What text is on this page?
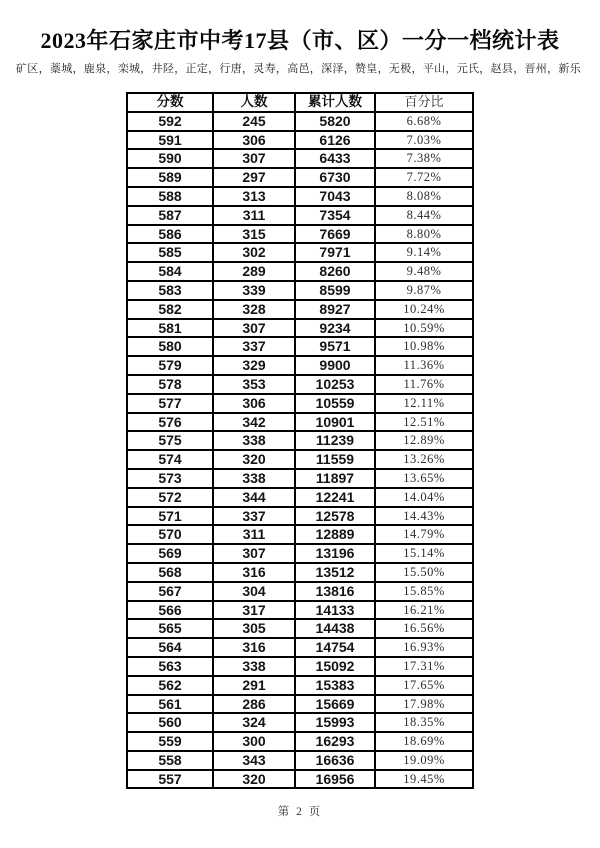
2023年石家庄市中考17县（市、区）一分一档统计表
矿区，藁城，鹿泉，栾城，井陉，正定，行唐，灵寿，高邑，深泽，赞皇，无极，平山，元氏，赵县，晋州，新乐
分数	人数	累计人数	百分比
592	245	5820	6.68%
591	306	6126	7.03%
590	307	6433	7.38%
589	297	6730	7.72%
588	313	7043	8.08%
587	311	7354	8.44%
586	315	7669	8.80%
585	302	7971	9.14%
584	289	8260	9.48%
583	339	8599	9.87%
582	328	8927	10.24%
581	307	9234	10.59%
580	337	9571	10.98%
579	329	9900	11.36%
578	353	10253	11.76%
577	306	10559	12.11%
576	342	10901	12.51%
575	338	11239	12.89%
574	320	11559	13.26%
573	338	11897	13.65%
572	344	12241	14.04%
571	337	12578	14.43%
570	311	12889	14.79%
569	307	13196	15.14%
568	316	13512	15.50%
567	304	13816	15.85%
566	317	14133	16.21%
565	305	14438	16.56%
564	316	14754	16.93%
563	338	15092	17.31%
562	291	15383	17.65%
561	286	15669	17.98%
560	324	15993	18.35%
559	300	16293	18.69%
558	343	16636	19.09%
557	320	16956	19.45%
第 2 页
